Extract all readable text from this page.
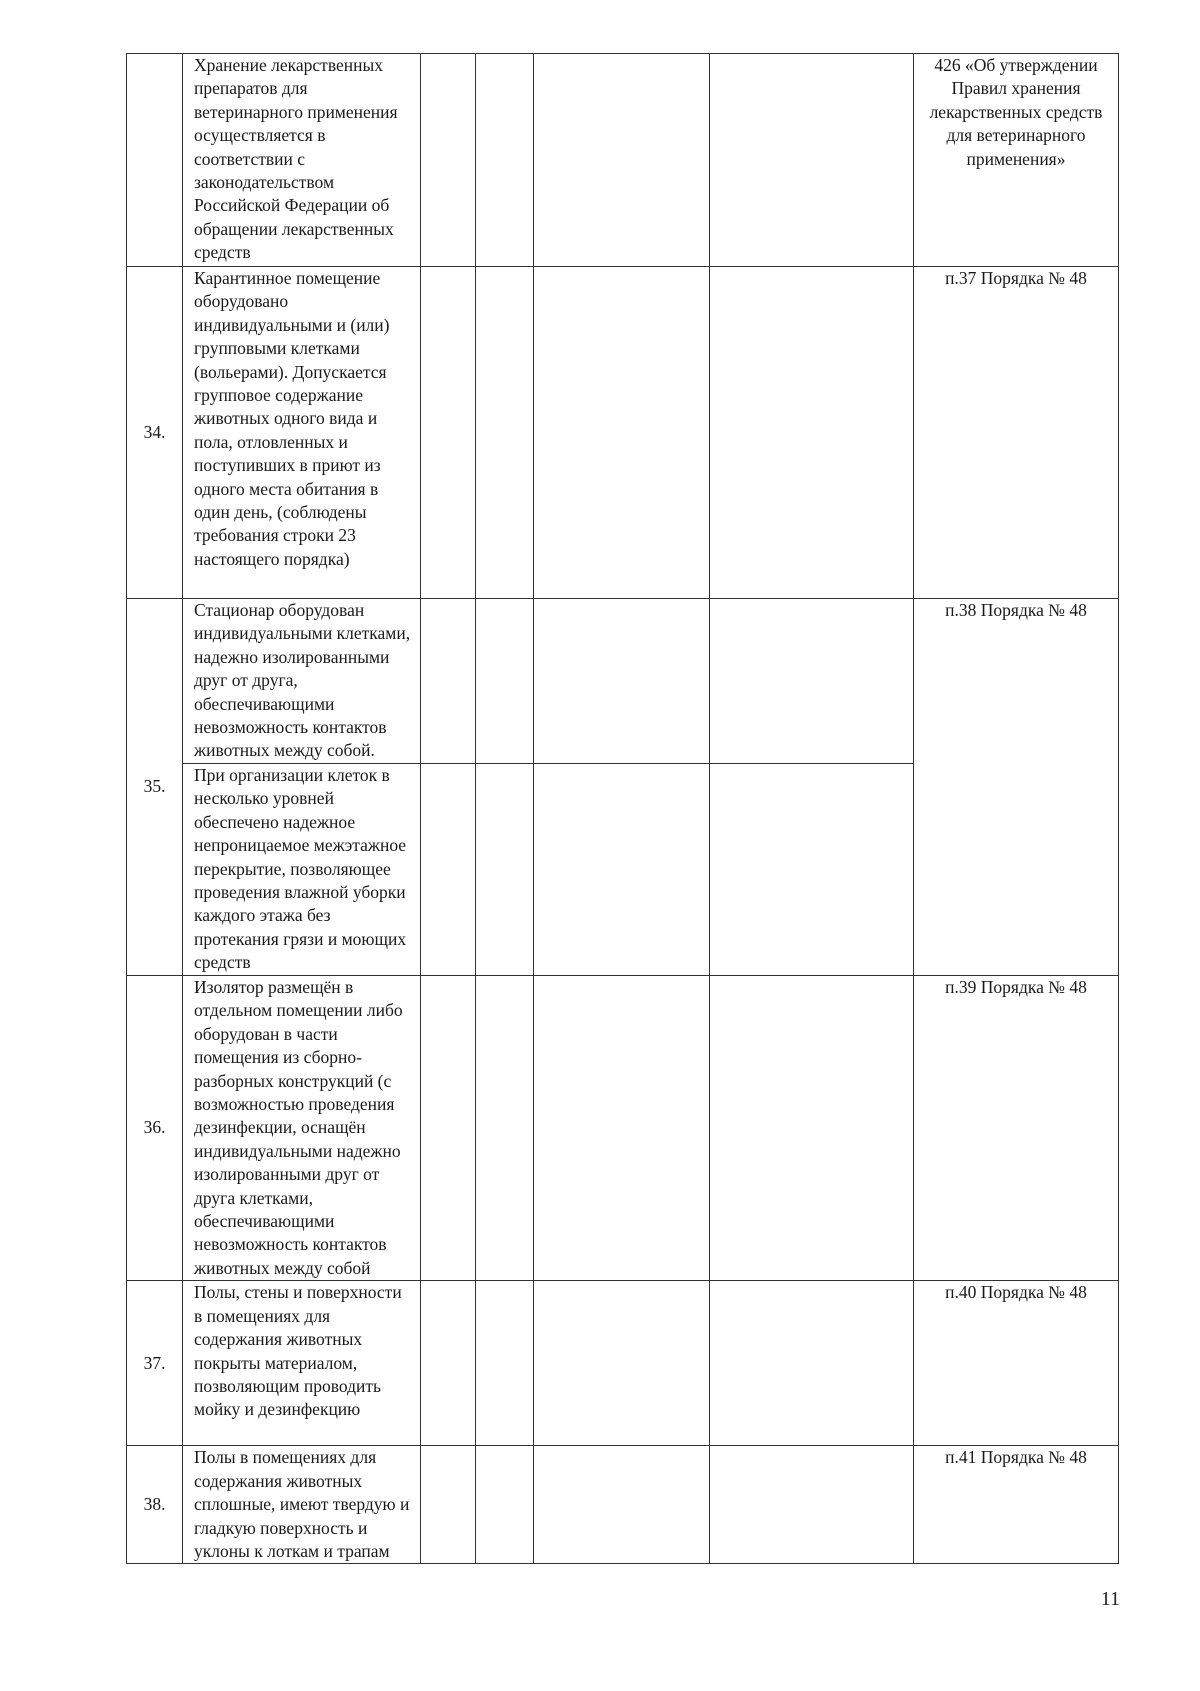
	Хранение лекарственных препаратов для ветеринарного применения осуществляется в соответствии с законодательством Российской Федерации об обращении лекарственных средств					426 «Об утверждении Правил хранения лекарственных средств для ветеринарного применения»
34.	Карантинное помещение оборудовано индивидуальными и (или) групповыми клетками (вольерами). Допускается групповое содержание животных одного вида и пола, отловленных и поступивших в приют из одного места обитания в один день, (соблюдены требования строки 23 настоящего порядка)					п.37 Порядка № 48
35.	Стационар оборудован индивидуальными клетками, надежно изолированными друг от друга, обеспечивающими невозможность контактов животных между собой.					п.38 Порядка № 48
	При организации клеток в несколько уровней обеспечено надежное непроницаемое межэтажное перекрытие, позволяющее проведения влажной уборки каждого этажа без протекания грязи и моющих средств					
36.	Изолятор размещён в отдельном помещении либо оборудован в части помещения из сборно-разборных конструкций (с возможностью проведения дезинфекции, оснащён индивидуальными надежно изолированными друг от друга клетками, обеспечивающими невозможность контактов животных между собой					п.39 Порядка № 48
37.	Полы, стены и поверхности в помещениях для содержания животных покрыты материалом, позволяющим проводить мойку и дезинфекцию					п.40 Порядка № 48
38.	Полы в помещениях для содержания животных сплошные, имеют твердую и гладкую поверхность и уклоны к лоткам и трапам					п.41 Порядка № 48
11
